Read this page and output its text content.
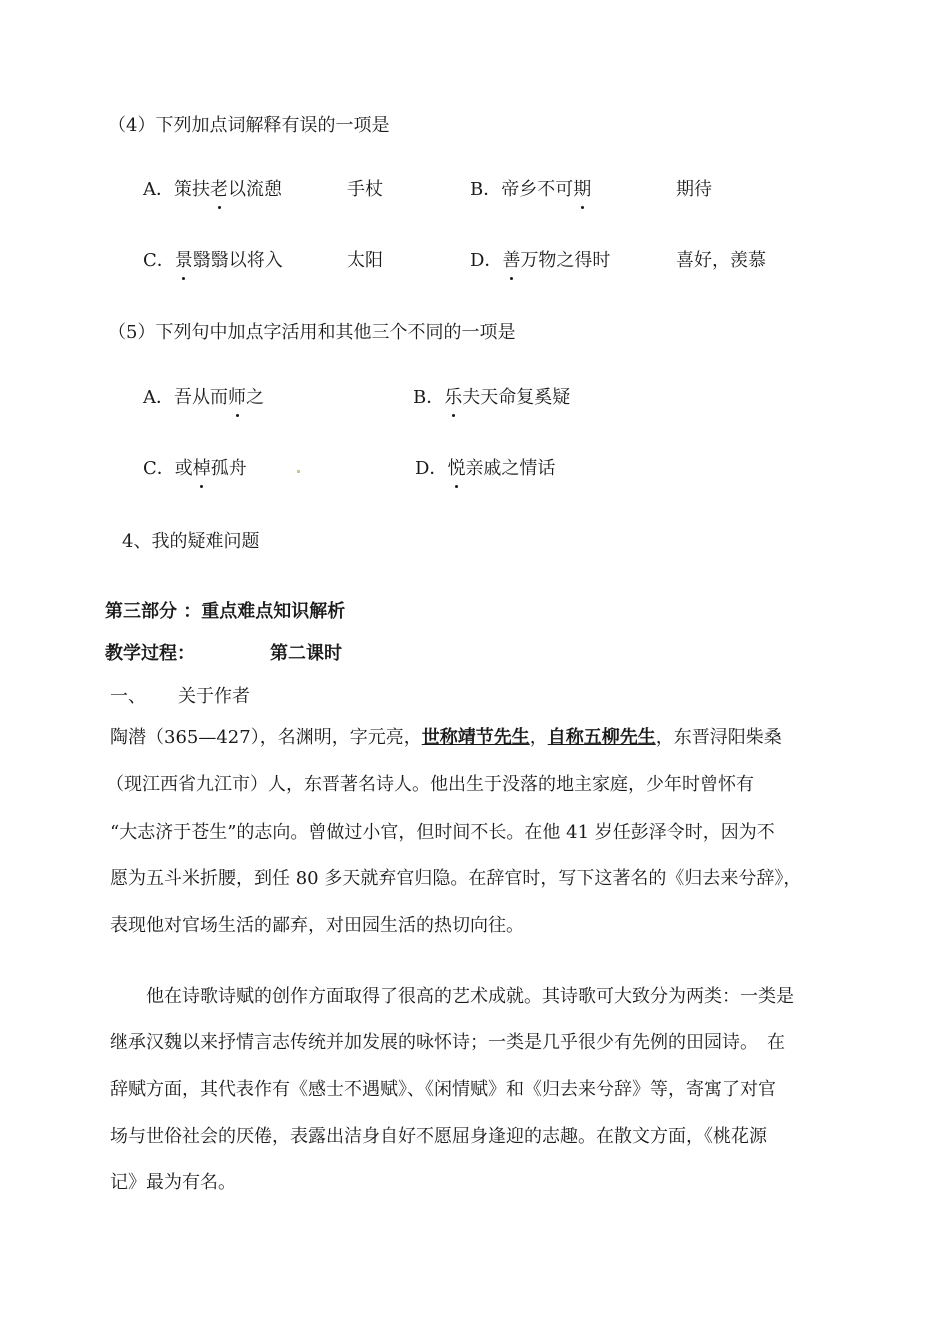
（4）下列加点词解释有误的一项是
A．策扶老以流憩	手杖	B．帝乡不可期	期待
C．景翳翳以将入	太阳	D．善万物之得时	喜好，羡慕
（5）下列句中加点字活用和其他三个不同的一项是
A．吾从而师之	B．乐夫天命复奚疑
C．或棹孤舟	D．悦亲戚之情话
4、我的疑难问题
第三部分 ：重点难点知识解析
教学过程：	第二课时
一、 关于作者
陶潜（365—427），名渊明，字元亮，世称靖节先生，自称五柳先生，东晋浔阳柴桑
（现江西省九江市）人，东晋著名诗人。他出生于没落的地主家庭，少年时曾怀有
“大志济于苍生”的志向。曾做过小官，但时间不长。在他 41 岁任彭泽令时，因为不
愿为五斗米折腰，到任 80 多天就弃官归隐。在辞官时，写下这著名的《归去来兮辞》，
表现他对官场生活的鄙弃，对田园生活的热切向往。
他在诗歌诗赋的创作方面取得了很高的艺术成就。其诗歌可大致分为两类：一类是
继承汉魏以来抒情言志传统并加发展的咏怀诗；一类是几乎很少有先例的田园诗。　在
辞赋方面，其代表作有《感士不遇赋》、《闲情赋》和《归去来兮辞》等，寄寓了对官
场与世俗社会的厌倦，表露出洁身自好不愿屈身逢迎的志趣。在散文方面，《桃花源
记》最为有名。
